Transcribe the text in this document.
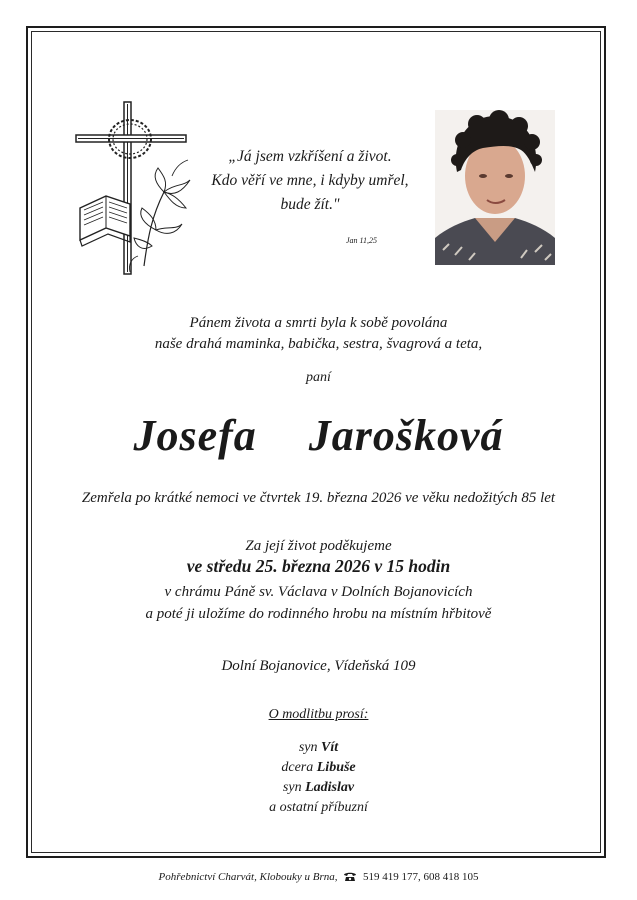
„Já jsem vzkříšení a život.
Kdo věří ve mne, i kdyby umřel,
bude žít."
Jan 11,25
Pánem života a smrti byla k sobě povolána
naše drahá maminka, babička, sestra, švagrová a teta,
paní
Josefa  Jarošková
Zemřela po krátké nemoci ve čtvrtek 19. března 2026 ve věku nedožitých 85 let
Za její život poděkujeme
ve středu 25. března 2026 v 15 hodin
v chrámu Páně sv. Václava v Dolních Bojanovicích
a poté ji uložíme do rodinného hrobu na místním hřbitově
Dolní Bojanovice, Vídeňská 109
O modlitbu prosí:
syn Vít
dcera Libuše
syn Ladislav
a ostatní příbuzní
Pohřebnictví Charvát, Klobouky u Brna, 519 419 177, 608 418 105
